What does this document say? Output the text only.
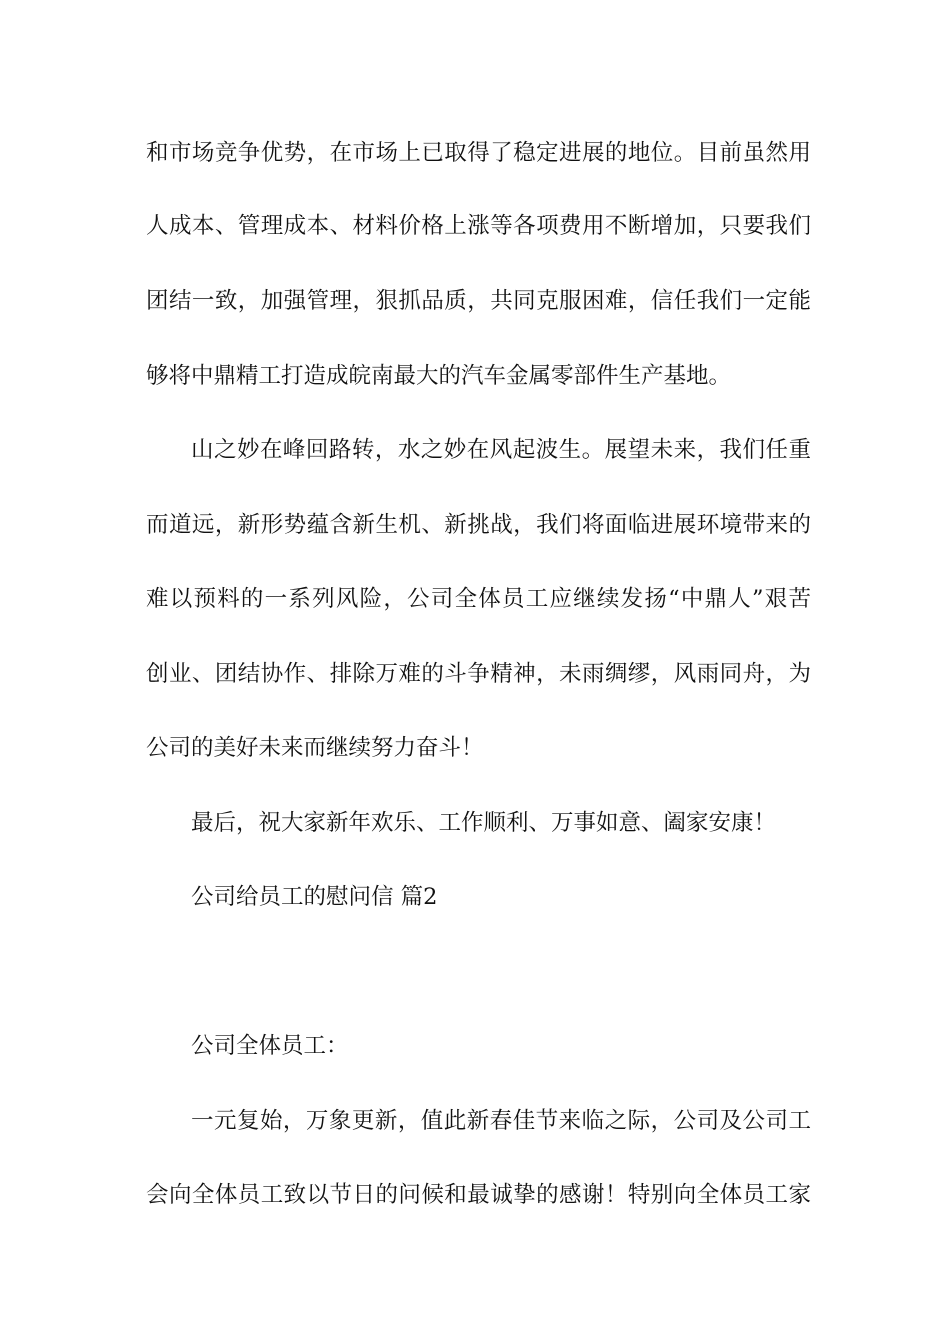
和市场竞争优势，在市场上已取得了稳定进展的地位。目前虽然用
人成本、管理成本、材料价格上涨等各项费用不断增加，只要我们
团结一致，加强管理，狠抓品质，共同克服困难，信任我们一定能
够将中鼎精工打造成皖南最大的汽车金属零部件生产基地。
山之妙在峰回路转，水之妙在风起波生。展望未来，我们任重
而道远，新形势蕴含新生机、新挑战，我们将面临进展环境带来的
难以预料的一系列风险，公司全体员工应继续发扬“中鼎人”艰苦
创业、团结协作、排除万难的斗争精神，未雨绸缪，风雨同舟，为
公司的美好未来而继续努力奋斗！
最后，祝大家新年欢乐、工作顺利、万事如意、阖家安康！
公司给员工的慰问信 篇2
公司全体员工：
一元复始，万象更新，值此新春佳节来临之际，公司及公司工
会向全体员工致以节日的问候和最诚挚的感谢！特别向全体员工家
